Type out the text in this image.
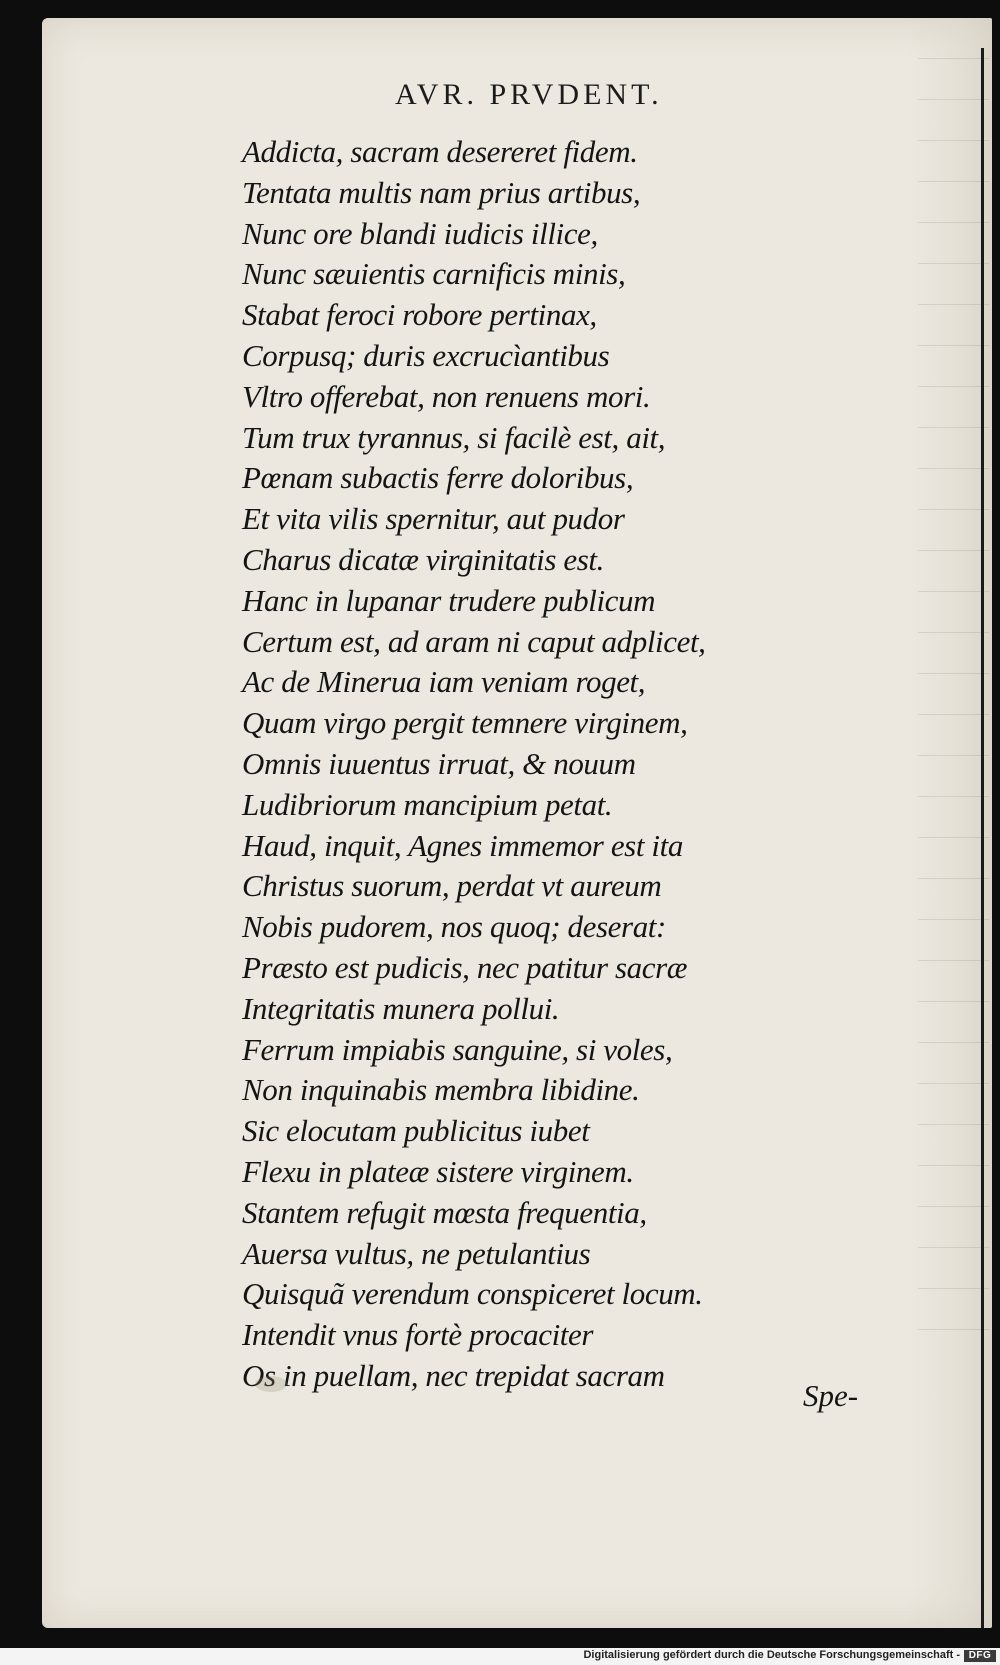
AVR. PRVDENT.
Addicta, sacram desereret fidem.
Tentata multis nam prius artibus,
Nunc ore blandi iudicis illice,
Nunc sæuientis carnificis minis,
Stabat feroci robore pertinax,
Corpusq; duris excrucìantibus
Vltro offerebat, non renuens mori.
Tum trux tyrannus, si facilè est, ait,
Pœnam subactis ferre doloribus,
Et vita vilis spernitur, aut pudor
Charus dicatæ virginitatis est.
Hanc in lupanar trudere publicum
Certum est, ad aram ni caput adplicet,
Ac de Minerua iam veniam roget,
Quam virgo pergit temnere virginem,
Omnis iuuentus irruat, & nouum
Ludibriorum mancipium petat.
Haud, inquit, Agnes immemor est ita
Christus suorum, perdat vt aureum
Nobis pudorem, nos quoq; deserat:
Præsto est pudicis, nec patitur sacræ
Integritatis munera pollui.
Ferrum impiabis sanguine, si voles,
Non inquinabis membra libidine.
Sic elocutam publicitus iubet
Flexu in plateæ sistere virginem.
Stantem refugit mœsta frequentia,
Auersa vultus, ne petulantius
Quisquã verendum conspiceret locum.
Intendit vnus fortè procaciter
Os in puellam, nec trepidat sacram
Spe-
Digitalisierung gefördert durch die Deutsche Forschungsgemeinschaft - DFG
